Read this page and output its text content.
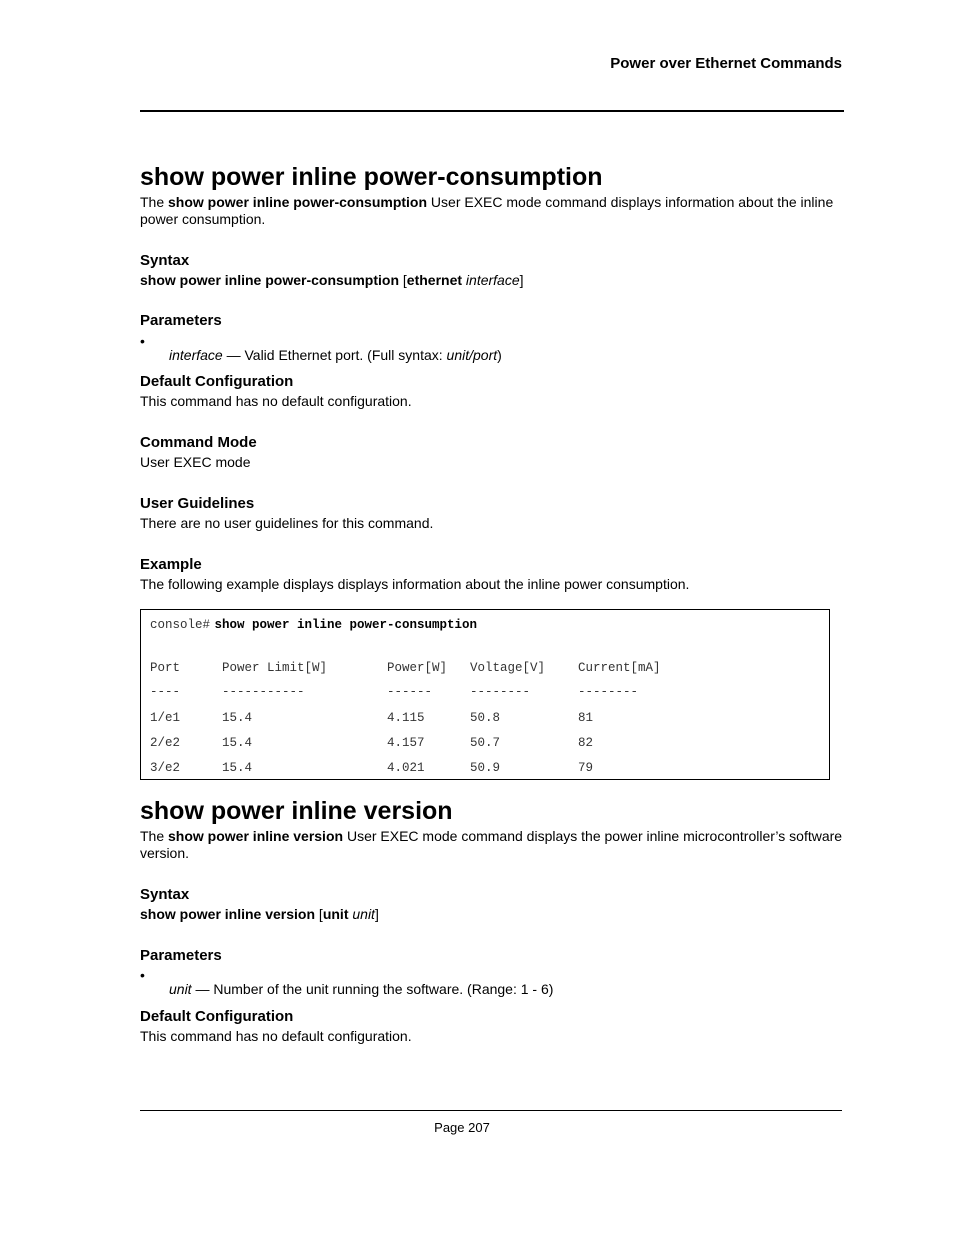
Power over Ethernet Commands
show power inline power-consumption

The show power inline power-consumption User EXEC mode command displays information about the inline power consumption.

Syntax

show power inline power-consumption [ethernet interface]

Parameters
•

interface — Valid Ethernet port. (Full syntax: unit/port)

Default Configuration

This command has no default configuration.

Command Mode

User EXEC mode

User Guidelines

There are no user guidelines for this command.

Example

The following example displays displays information about the inline power consumption.

console# show power inline power-consumption
Port	Power Limit[W]	Power[W] Voltage[V]	Current[mA]
----	-----------	------	--------	--------
1/e1	15.4	4.115	50.8	81
2/e2	15.4	4.157	50.7	82
3/e2	15.4	4.021	50.9	79
show power inline version

The show power inline version User EXEC mode command displays the power inline microcontroller’s software version.

Syntax

show power inline version [unit unit]

Parameters
•

unit — Number of the unit running the software. (Range: 1 - 6)

Default Configuration

This command has no default configuration.

Page 207
